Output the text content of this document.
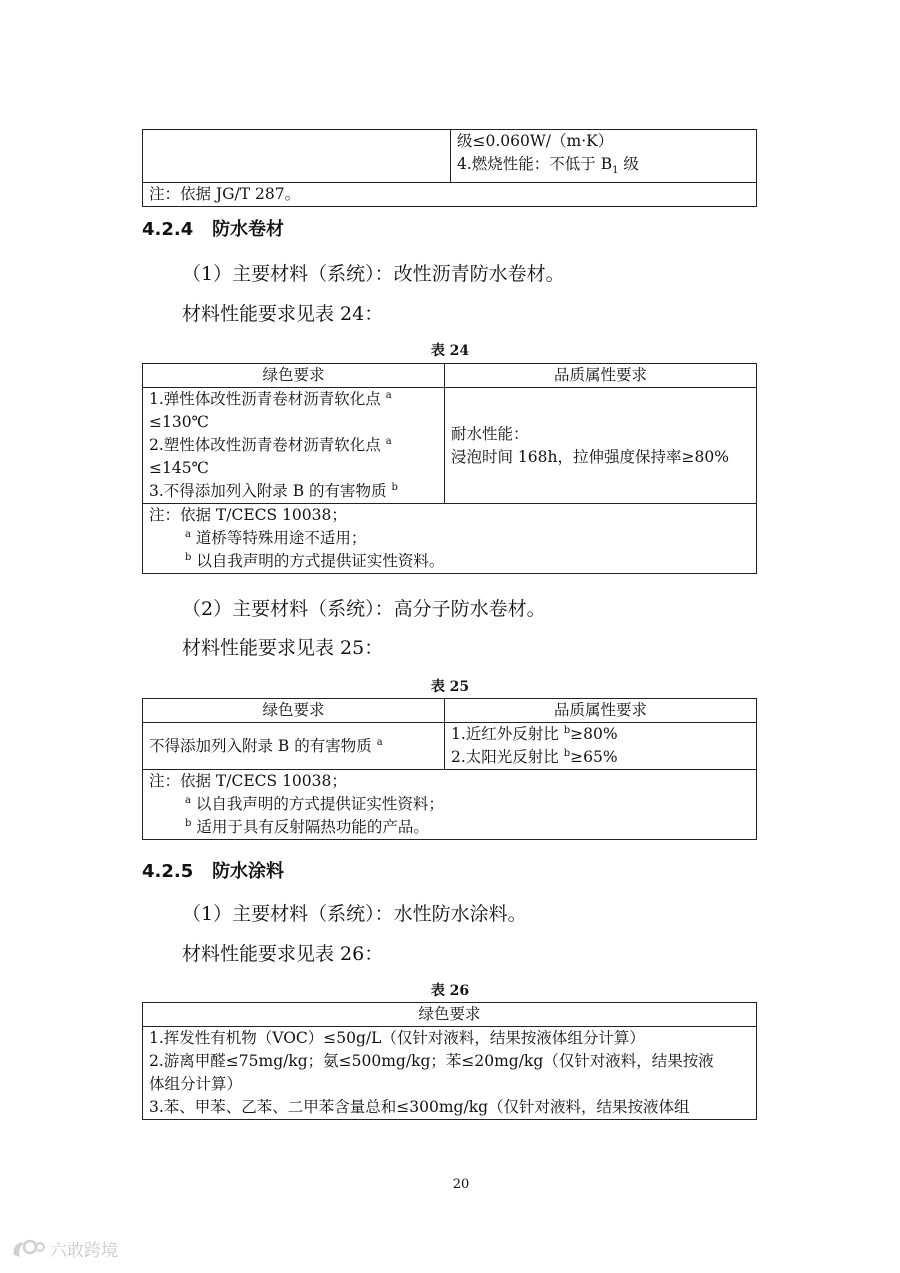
级≤0.060W/（m·K）
4.燃烧性能：不低于 $B_1$ 级

注：依据 JG/T 287。
4.2.4 防水卷材
（1）主要材料（系统）：改性沥青防水卷材。
材料性能要求见表 24：
表 24
绿色要求	品质属性要求

1.弹性体改性沥青卷材沥青软化点 $^a$
≤130℃
2.塑性体改性沥青卷材沥青软化点 $^a$
≤145℃
3.不得添加列入附录 B 的有害物质 $^b$	耐水性能：
浸泡时间 168h，拉伸强度保持率≥80%

注：依据 T/CECS 10038；
$^a$ 道桥等特殊用途不适用；
$^b$ 以自我声明的方式提供证实性资料。	
（2）主要材料（系统）：高分子防水卷材。
材料性能要求见表 25：
表 25
绿色要求	品质属性要求

不得添加列入附录 B 的有害物质 $^a$	1.近红外反射比 $^b$≥80%
2.太阳光反射比 $^b$≥65%

注：依据 T/CECS 10038；
$^a$ 以自我声明的方式提供证实性资料；
$^b$ 适用于具有反射隔热功能的产品。	
4.2.5 防水涂料
（1）主要材料（系统）：水性防水涂料。
材料性能要求见表 26：
表 26
绿色要求

1.挥发性有机物（VOC）≤50g/L（仅针对液料，结果按液体组分计算）
2.游离甲醛≤75mg/kg；氨≤500mg/kg；苯≤20mg/kg（仅针对液料，结果按液
体组分计算）
3.苯、甲苯、乙苯、二甲苯含量总和≤300mg/kg（仅针对液料，结果按液体组
20
六敢跨境
